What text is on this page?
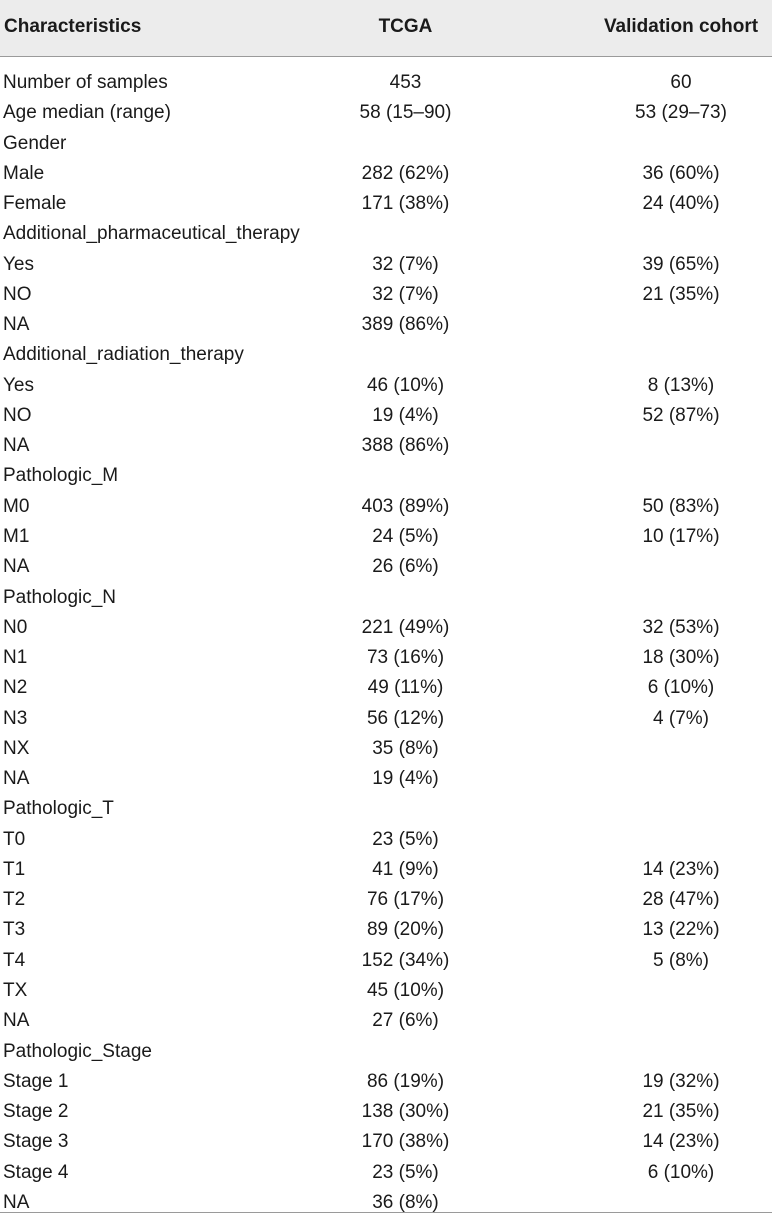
Characteristics	TCGA	Validation cohort
Number of samples	453	60
Age median (range)	58 (15–90)	53 (29–73)
Gender
Male	282 (62%)	36 (60%)
Female	171 (38%)	24 (40%)
Additional_pharmaceutical_therapy
Yes	32 (7%)	39 (65%)
NO	32 (7%)	21 (35%)
NA	389 (86%)
Additional_radiation_therapy
Yes	46 (10%)	8 (13%)
NO	19 (4%)	52 (87%)
NA	388 (86%)
Pathologic_M
M0	403 (89%)	50 (83%)
M1	24 (5%)	10 (17%)
NA	26 (6%)
Pathologic_N
N0	221 (49%)	32 (53%)
N1	73 (16%)	18 (30%)
N2	49 (11%)	6 (10%)
N3	56 (12%)	4 (7%)
NX	35 (8%)
NA	19 (4%)
Pathologic_T
T0	23 (5%)
T1	41 (9%)	14 (23%)
T2	76 (17%)	28 (47%)
T3	89 (20%)	13 (22%)
T4	152 (34%)	5 (8%)
TX	45 (10%)
NA	27 (6%)
Pathologic_Stage
Stage 1	86 (19%)	19 (32%)
Stage 2	138 (30%)	21 (35%)
Stage 3	170 (38%)	14 (23%)
Stage 4	23 (5%)	6 (10%)
NA	36 (8%)
